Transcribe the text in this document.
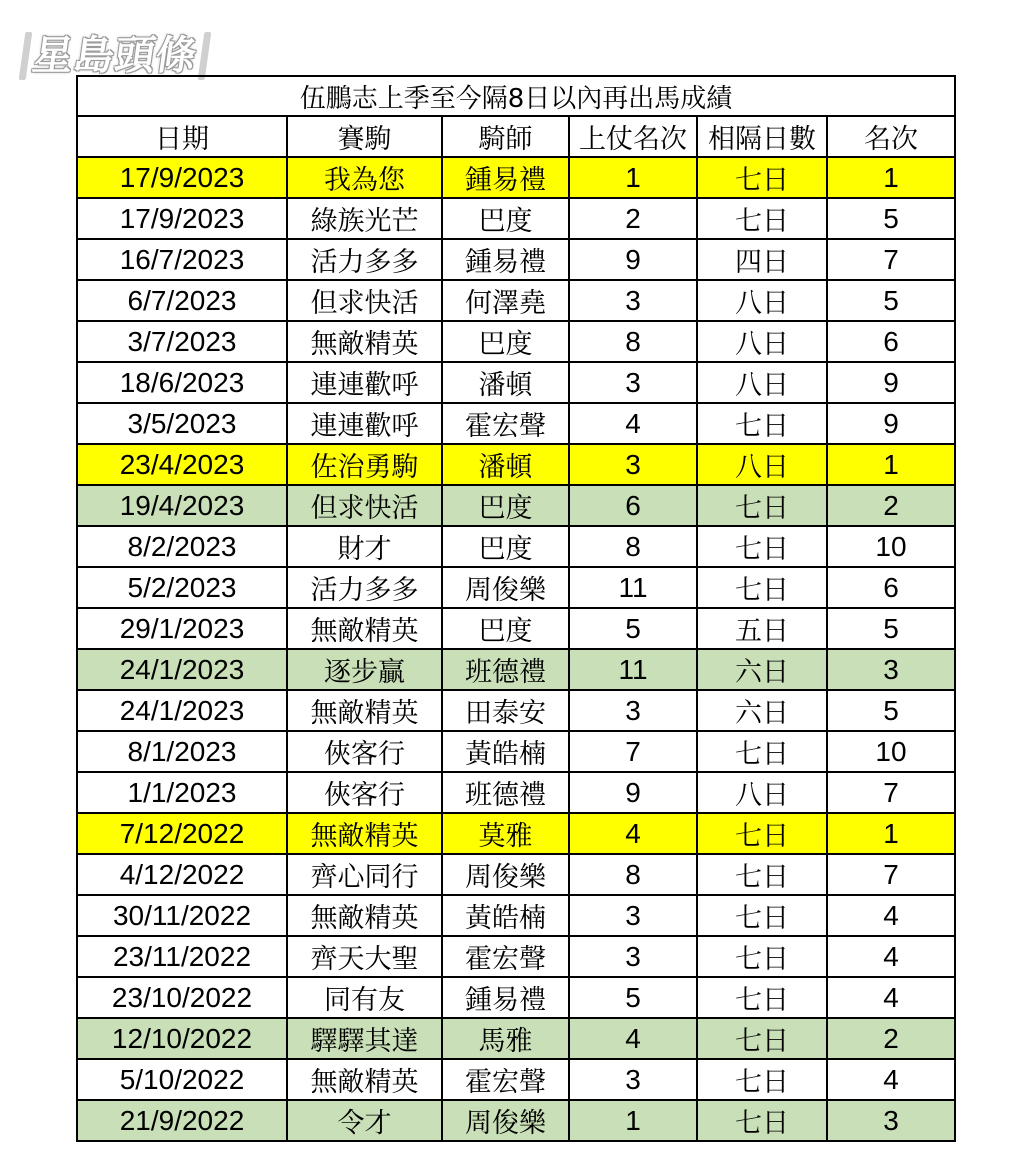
星島頭條
伍鵬志上季至今隔8日以內再出馬成績					
日期	賽駒	騎師	上仗名次	相隔日數	名次
17/9/2023	我為您	鍾易禮	1	七日	1
17/9/2023	綠族光芒	巴度	2	七日	5
16/7/2023	活力多多	鍾易禮	9	四日	7
6/7/2023	但求快活	何澤堯	3	八日	5
3/7/2023	無敵精英	巴度	8	八日	6
18/6/2023	連連歡呼	潘頓	3	八日	9
3/5/2023	連連歡呼	霍宏聲	4	七日	9
23/4/2023	佐治勇駒	潘頓	3	八日	1
19/4/2023	但求快活	巴度	6	七日	2
8/2/2023	財才	巴度	8	七日	10
5/2/2023	活力多多	周俊樂	11	七日	6
29/1/2023	無敵精英	巴度	5	五日	5
24/1/2023	逐步贏	班德禮	11	六日	3
24/1/2023	無敵精英	田泰安	3	六日	5
8/1/2023	俠客行	黃皓楠	7	七日	10
1/1/2023	俠客行	班德禮	9	八日	7
7/12/2022	無敵精英	莫雅	4	七日	1
4/12/2022	齊心同行	周俊樂	8	七日	7
30/11/2022	無敵精英	黃皓楠	3	七日	4
23/11/2022	齊天大聖	霍宏聲	3	七日	4
23/10/2022	同有友	鍾易禮	5	七日	4
12/10/2022	驛驛其達	馬雅	4	七日	2
5/10/2022	無敵精英	霍宏聲	3	七日	4
21/9/2022	令才	周俊樂	1	七日	3
